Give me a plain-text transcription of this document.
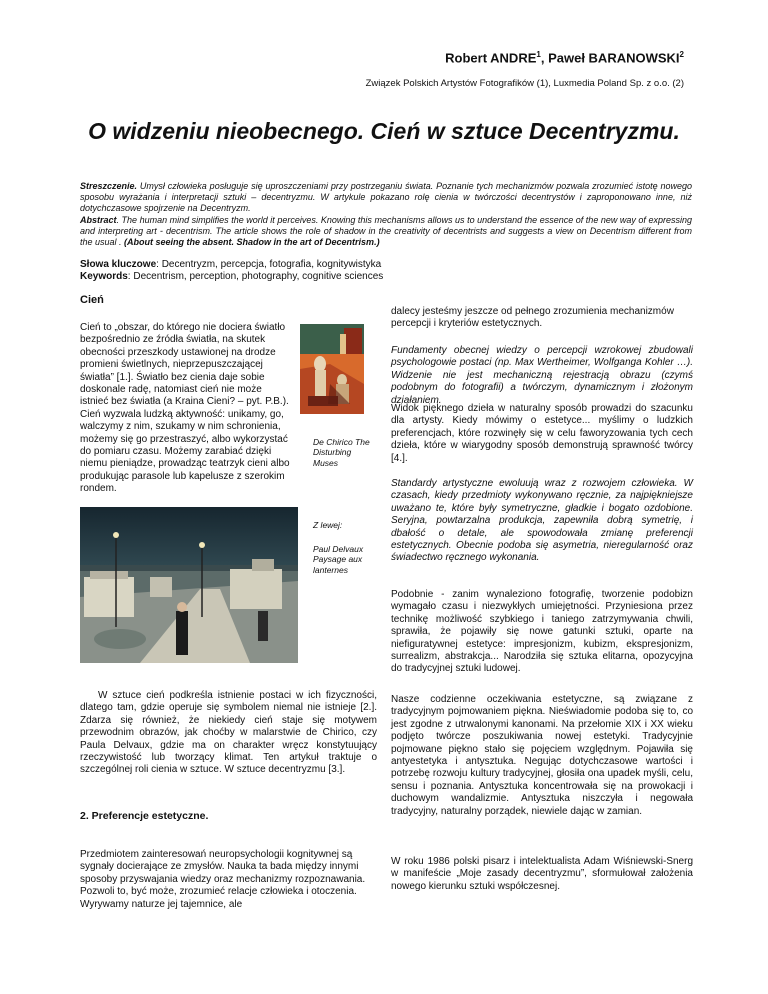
Robert ANDRE$^1$, Paweł BARANOWSKI$^2$
Związek Polskich Artystów Fotografików (1), Luxmedia Poland Sp. z o.o. (2)
O widzeniu nieobecnego. Cień w sztuce Decentryzmu.
Streszczenie. Umysł człowieka posługuje się uproszczeniami przy postrzeganiu świata. Poznanie tych mechanizmów pozwala zrozumieć istotę nowego sposobu wyrażania i interpretacji sztuki – decentryzmu. W artykule pokazano rolę cienia w twórczości decentrystów i zaproponowano inne, niż dotychczasowe spojrzenie na Decentryzm.
Abstract. The human mind simplifies the world it perceives. Knowing this mechanisms allows us to understand the essence of the new way of expressing and interpreting art - decentrism. The article shows the role of shadow in the creativity of decentrists and suggests a view on Decentrism different from the usual . (About seeing the absent. Shadow in the art of Decentrism.)
Słowa kluczowe: Decentryzm, percepcja, fotografia, kognitywistyka
Keywords: Decentrism, perception, photography, cognitive sciences
Cień
Cień to „obszar, do którego nie dociera światło bezpośrednio ze źródła światła, na skutek obecności przeszkody ustawionej na drodze promieni świetlnych, nieprzepuszczającej światła” [1.]. Światło bez cienia daje sobie doskonale radę, natomiast cień nie może istnieć bez światła (a Kraina Cieni? – pyt. P.B.). Cień wyzwala ludzką aktywność: unikamy, go, walczymy z nim, szukamy w nim schronienia, możemy się go przestraszyć, albo wykorzystać do pomiaru czasu. Możemy zarabiać dzięki niemu pieniądze, prowadząc teatrzyk cieni albo produkując parasole lub kapelusze z szerokim rondem.
De Chirico The Disturbing Muses
Z lewej:
Paul Delvaux Paysage aux lanternes
W sztuce cień podkreśla istnienie postaci w ich fizyczności, dlatego tam, gdzie operuje się symbolem niemal nie istnieje [2.]. Zdarza się również, że niekiedy cień staje się motywem przewodnim obrazów, jak choćby w malarstwie de Chirico, czy Paula Delvaux, gdzie ma on charakter wręcz konstytuujący rzeczywistość lub tworzący klimat. Ten artykuł traktuje o szczególnej roli cienia w sztuce. W sztuce decentryzmu [3.].
2. Preferencje estetyczne.
Przedmiotem zainteresowań neuropsychologii kognitywnej są sygnały docierające ze zmysłów. Nauka ta bada między innymi sposoby przyswajania wiedzy oraz mechanizmy rozpoznawania. Pozwoli to, być może, zrozumieć relacje człowieka i otoczenia. Wyrywamy naturze jej tajemnice, ale
dalecy jesteśmy jeszcze od pełnego zrozumienia mechanizmów percepcji i kryteriów estetycznych.
Fundamenty obecnej wiedzy o percepcji wzrokowej zbudowali psychologowie postaci (np. Max Wertheimer, Wolfganga Kohler …). Widzenie nie jest mechaniczną rejestracją obrazu (czymś podobnym do fotografii) a twórczym, dynamicznym i złożonym działaniem.
Widok pięknego dzieła w naturalny sposób prowadzi do szacunku dla artysty. Kiedy mówimy o estetyce... myślimy o ludzkich preferencjach, które rozwinęły się w celu faworyzowania tych cech dzieła, które w wiarygodny sposób demonstrują sprawność twórcy [4.].
Standardy artystyczne ewoluują wraz z rozwojem człowieka. W czasach, kiedy przedmioty wykonywano ręcznie, za najpiękniejsze uważano te, które były symetryczne, gładkie i bogato ozdobione. Seryjna, powtarzalna produkcja, zapewniła dobrą symetrię, i dbałość o detale, ale spowodowała zmianę preferencji estetycznych. Obecnie podoba się asymetria, nieregularność oraz świadectwo ręcznego wykonania.
Podobnie - zanim wynaleziono fotografię, tworzenie podobizn wymagało czasu i niezwykłych umiejętności. Przyniesiona przez technikę możliwość szybkiego i taniego zatrzymywania chwili, sprawiła, że pojawiły się nowe gatunki sztuki, oparte na niefiguratywnej estetyce: impresjonizm, kubizm, ekspresjonizm, surrealizm, abstrakcja... Narodziła się sztuka elitarna, opozycyjna do tradycyjnej sztuki ludowej.
Nasze codzienne oczekiwania estetyczne, są związane z tradycyjnym pojmowaniem piękna. Nieświadomie podoba się to, co jest zgodne z utrwalonymi kanonami. Na przełomie XIX i XX wieku podjęto twórcze poszukiwania nowej estetyki. Tradycyjnie pojmowane piękno stało się pojęciem względnym. Pojawiła się antyestetyka i antysztuka. Negując dotychczasowe wartości i potrzebę rozwoju kultury tradycyjnej, głosiła ona upadek myśli, celu, sensu i poznania. Antysztuka koncentrowała się na prowokacji i duchowym wandalizmie. Antysztuka niszczyła i negowała tradycyjny, naturalny porządek, niewiele dając w zamian.
W roku 1986 polski pisarz i intelektualista Adam Wiśniewski-Snerg w manifeście „Moje zasady decentryzmu”, sformułował założenia nowego kierunku sztuki współczesnej.
